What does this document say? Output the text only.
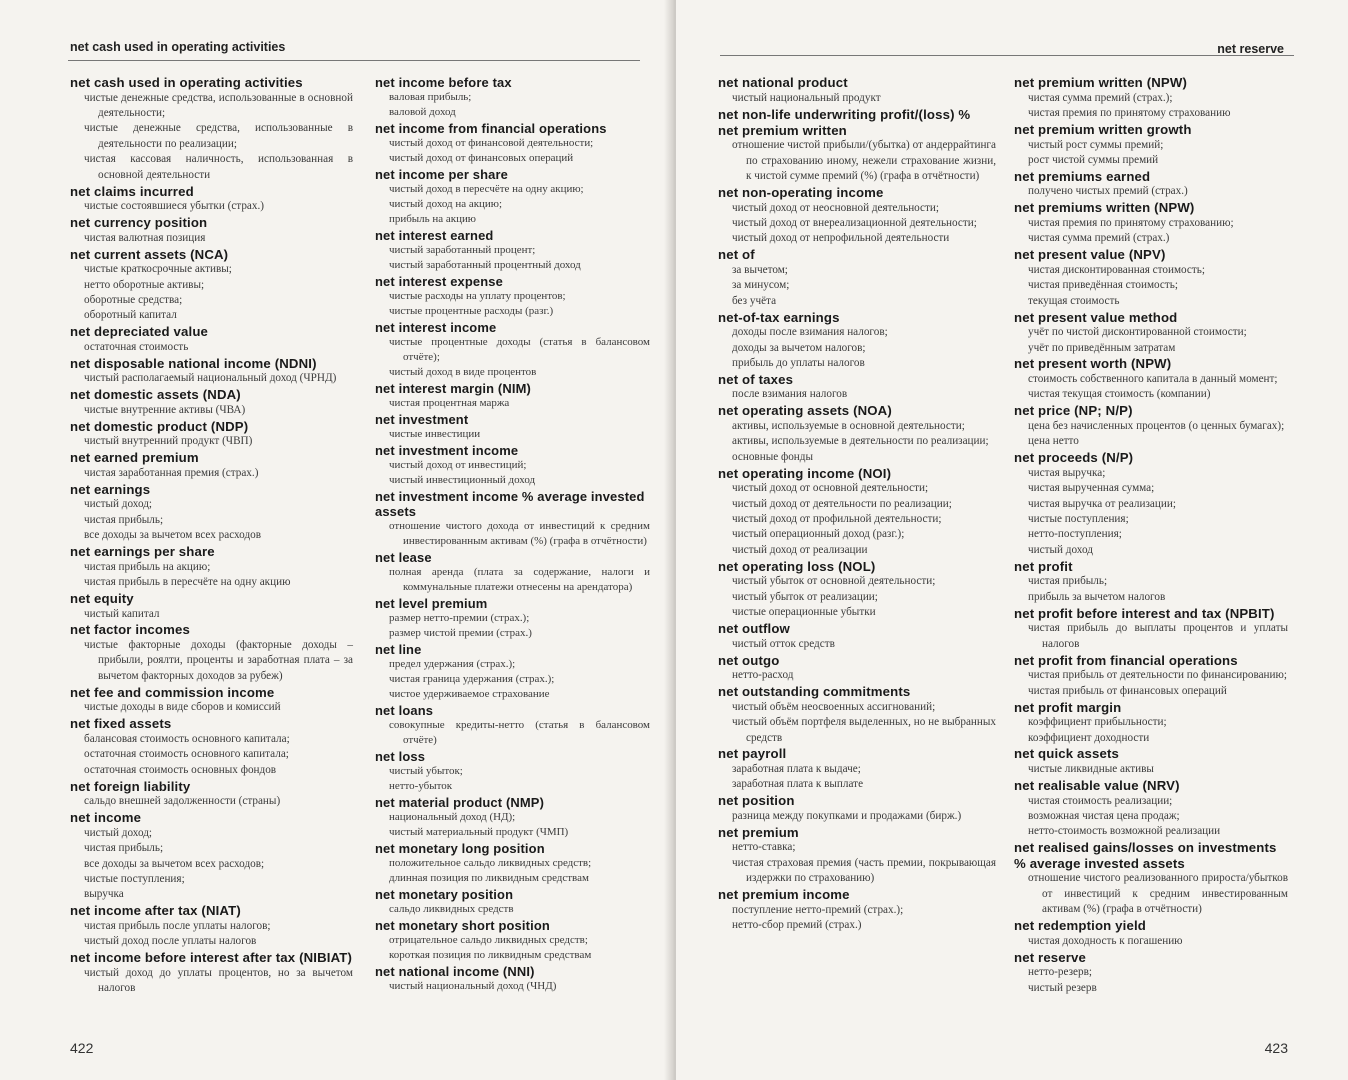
net cash used in operating activities
net cash used in operating activities
чистые денежные средства, использованные в основной деятельности;
чистые денежные средства, использованные в деятельности по реализации;
чистая кассовая наличность, использованная в основной деятельности
net claims incurred
чистые состоявшиеся убытки (страх.)
net currency position
чистая валютная позиция
net current assets (NCA)
чистые краткосрочные активы;
нетто оборотные активы;
оборотные средства;
оборотный капитал
net depreciated value
остаточная стоимость
net disposable national income (NDNI)
чистый располагаемый национальный доход (ЧРНД)
net domestic assets (NDA)
чистые внутренние активы (ЧВА)
net domestic product (NDP)
чистый внутренний продукт (ЧВП)
net earned premium
чистая заработанная премия (страх.)
net earnings
чистый доход;
чистая прибыль;
все доходы за вычетом всех расходов
net earnings per share
чистая прибыль на акцию;
чистая прибыль в пересчёте на одну акцию
net equity
чистый капитал
net factor incomes
чистые факторные доходы (факторные доходы – прибыли, роялти, проценты и заработная плата – за вычетом факторных доходов за рубеж)
net fee and commission income
чистые доходы в виде сборов и комиссий
net fixed assets
балансовая стоимость основного капитала;
остаточная стоимость основного капитала;
остаточная стоимость основных фондов
net foreign liability
сальдо внешней задолженности (страны)
net income
чистый доход;
чистая прибыль;
все доходы за вычетом всех расходов;
чистые поступления;
выручка
net income after tax (NIAT)
чистая прибыль после уплаты налогов;
чистый доход после уплаты налогов
net income before interest after tax (NIBIAT)
чистый доход до уплаты процентов, но за вычетом налогов
net income before tax
валовая прибыль;
валовой доход
net income from financial operations
чистый доход от финансовой деятельности;
чистый доход от финансовых операций
net income per share
чистый доход в пересчёте на одну акцию;
чистый доход на акцию;
прибыль на акцию
net interest earned
чистый заработанный процент;
чистый заработанный процентный доход
net interest expense
чистые расходы на уплату процентов;
чистые процентные расходы (разг.)
net interest income
чистые процентные доходы (статья в балансовом отчёте);
чистый доход в виде процентов
net interest margin (NIM)
чистая процентная маржа
net investment
чистые инвестиции
net investment income
чистый доход от инвестиций;
чистый инвестиционный доход
net investment income % average invested assets
отношение чистого дохода от инвестиций к средним инвестированным активам (%) (графа в отчётности)
net lease
полная аренда (плата за содержание, налоги и коммунальные платежи отнесены на арендатора)
net level premium
размер нетто-премии (страх.);
размер чистой премии (страх.)
net line
предел удержания (страх.);
чистая граница удержания (страх.);
чистое удерживаемое страхование
net loans
совокупные кредиты-нетто (статья в балансовом отчёте)
net loss
чистый убыток;
нетто-убыток
net material product (NMP)
национальный доход (НД);
чистый материальный продукт (ЧМП)
net monetary long position
положительное сальдо ликвидных средств;
длинная позиция по ликвидным средствам
net monetary position
сальдо ликвидных средств
net monetary short position
отрицательное сальдо ликвидных средств;
короткая позиция по ликвидным средствам
net national income (NNI)
чистый национальный доход (ЧНД)
422
net reserve
net national product
чистый национальный продукт
net non-life underwriting profit/(loss) %
net premium written
отношение чистой прибыли/(убытка) от андеррайтинга по страхованию иному, нежели страхование жизни, к чистой сумме премий (%) (графа в отчётности)
net non-operating income
чистый доход от неосновной деятельности;
чистый доход от внереализационной деятельности;
чистый доход от непрофильной деятельности
net of
за вычетом;
за минусом;
без учёта
net-of-tax earnings
доходы после взимания налогов;
доходы за вычетом налогов;
прибыль до уплаты налогов
net of taxes
после взимания налогов
net operating assets (NOA)
активы, используемые в основной деятельности;
активы, используемые в деятельности по реализации;
основные фонды
net operating income (NOI)
чистый доход от основной деятельности;
чистый доход от деятельности по реализации;
чистый доход от профильной деятельности;
чистый операционный доход (разг.);
чистый доход от реализации
net operating loss (NOL)
чистый убыток от основной деятельности;
чистый убыток от реализации;
чистые операционные убытки
net outflow
чистый отток средств
net outgo
нетто-расход
net outstanding commitments
чистый объём неосвоенных ассигнований;
чистый объём портфеля выделенных, но не выбранных средств
net payroll
заработная плата к выдаче;
заработная плата к выплате
net position
разница между покупками и продажами (бирж.)
net premium
нетто-ставка;
чистая страховая премия (часть премии, покрывающая издержки по страхованию)
net premium income
поступление нетто-премий (страх.);
нетто-сбор премий (страх.)
net premium written (NPW)
чистая сумма премий (страх.);
чистая премия по принятому страхованию
net premium written growth
чистый рост суммы премий;
рост чистой суммы премий
net premiums earned
получено чистых премий (страх.)
net premiums written (NPW)
чистая премия по принятому страхованию;
чистая сумма премий (страх.)
net present value (NPV)
чистая дисконтированная стоимость;
чистая приведённая стоимость;
текущая стоимость
net present value method
учёт по чистой дисконтированной стоимости;
учёт по приведённым затратам
net present worth (NPW)
стоимость собственного капитала в данный момент;
чистая текущая стоимость (компании)
net price (NP; N/P)
цена без начисленных процентов (о ценных бумагах);
цена нетто
net proceeds (N/P)
чистая выручка;
чистая вырученная сумма;
чистая выручка от реализации;
чистые поступления;
нетто-поступления;
чистый доход
net profit
чистая прибыль;
прибыль за вычетом налогов
net profit before interest and tax (NPBIT)
чистая прибыль до выплаты процентов и уплаты налогов
net profit from financial operations
чистая прибыль от деятельности по финансированию;
чистая прибыль от финансовых операций
net profit margin
коэффициент прибыльности;
коэффициент доходности
net quick assets
чистые ликвидные активы
net realisable value (NRV)
чистая стоимость реализации;
возможная чистая цена продаж;
нетто-стоимость возможной реализации
net realised gains/losses on investments % average invested assets
отношение чистого реализованного прироста/убытков от инвестиций к средним инвестированным активам (%) (графа в отчётности)
net redemption yield
чистая доходность к погашению
net reserve
нетто-резерв;
чистый резерв
423
